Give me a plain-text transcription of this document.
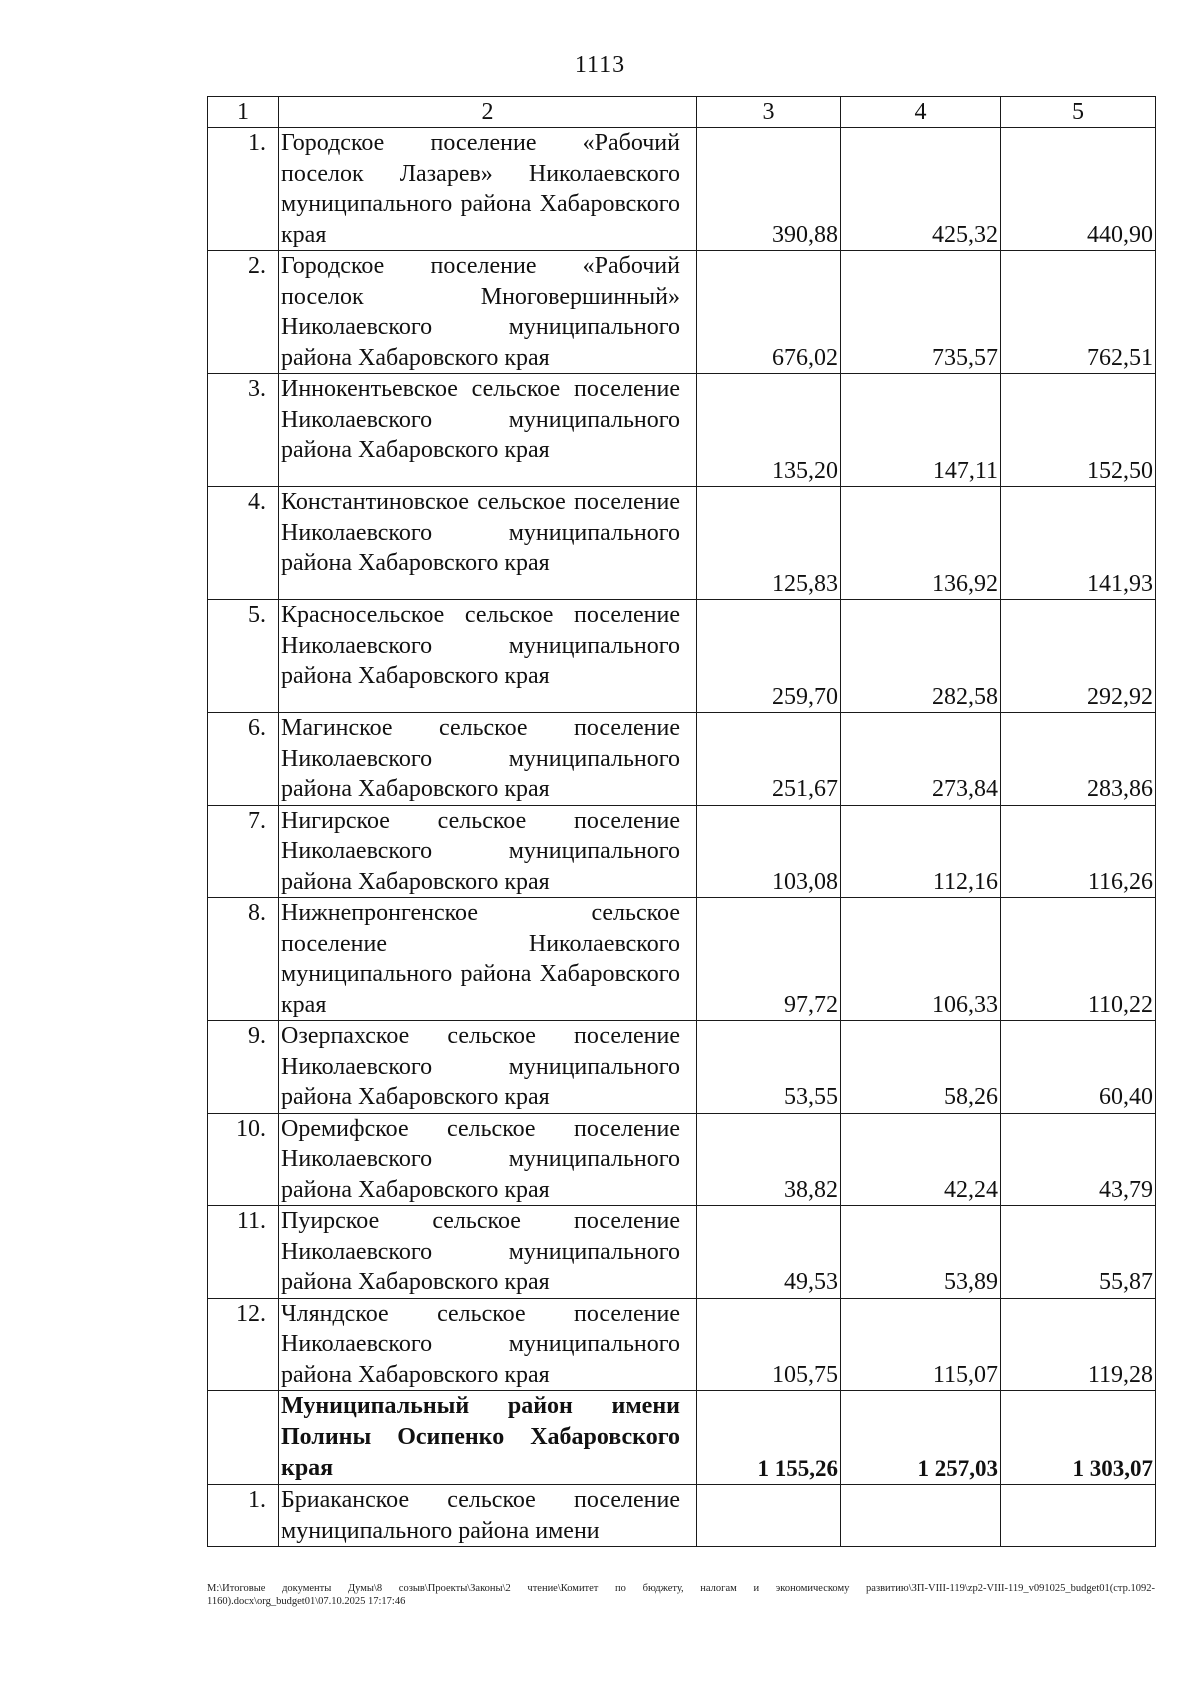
1113
1	2	3	4	5
1.	Городское поселение «Рабочий поселок Лазарев» Николаевского муниципального района Хабаровского края	390,88	425,32	440,90
2.	Городское поселение «Рабочий поселок Многовершинный» Николаевского муниципального района Хабаровского края	676,02	735,57	762,51
3.	Иннокентьевское сельское поселение Николаевского муниципального района Хабаровского края	135,20	147,11	152,50
4.	Константиновское сельское поселение Николаевского муниципального района Хабаровского края	125,83	136,92	141,93
5.	Красносельское сельское поселение Николаевского муниципального района Хабаровского края	259,70	282,58	292,92
6.	Магинское сельское поселение Николаевского муниципального района Хабаровского края	251,67	273,84	283,86
7.	Нигирское сельское поселение Николаевского муниципального района Хабаровского края	103,08	112,16	116,26
8.	Нижнепронгенское сельское поселение Николаевского муниципального района Хабаровского края	97,72	106,33	110,22
9.	Озерпахское сельское поселение Николаевского муниципального района Хабаровского края	53,55	58,26	60,40
10.	Оремифское сельское поселение Николаевского муниципального района Хабаровского края	38,82	42,24	43,79
11.	Пуирское сельское поселение Николаевского муниципального района Хабаровского края	49,53	53,89	55,87
12.	Чляндское сельское поселение Николаевского муниципального района Хабаровского края	105,75	115,07	119,28
	Муниципальный район имени Полины Осипенко Хабаровского края	1 155,26	1 257,03	1 303,07
1.	Бриаканское сельское поселение муниципального района имени			
М:\Итоговые документы Думы\8 созыв\Проекты\Законы\2 чтение\Комитет по бюджету, налогам и экономическому развитию\ЗП-VIII-119\zp2-VIII-119_v091025_budget01(стр.1092-1160).docx\org_budget01\07.10.2025 17:17:46
